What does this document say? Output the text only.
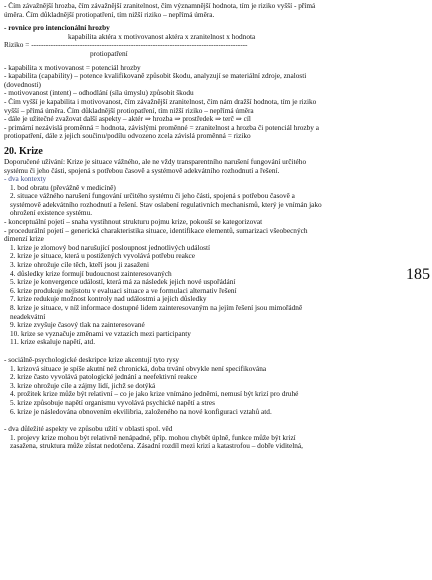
- Čím závažnější hrozba, čím závažnější zranitelnost, čím významnější hodnota, tím je riziko vyšší - přímá
úměra. Čím důkladnější protiopatření, tím nižší riziko – nepřímá úměra.
- rovnice pro intencionální hrozby
kapabilita aktéra x motivovanost aktéra x zranitelnost x hodnota
Riziko = -----------------------------------------------------------------------------------------
protiopatření
- kapabilita x motivovanost = potenciál hrozby
- kapabilita (capability) – potence kvalifikovaně způsobit škodu, analyzují se materiální zdroje, znalosti
(dovednosti)
- motivovanost (intent) – odhodlání (síla úmyslu) způsobit škodu
- Čím vyšší je kapabilita i motivovanost, čím závažnější zranitelnost, čím nám dražší hodnota, tím je riziko
vyšší – přímá úměra. Čím důkladnější protiopatření, tím nižší riziko – nepřímá úměra
- dále je užitečné zvažovat další aspekty – aktér ⇒ hrozba ⇒ prostředek ⇒ terč ⇒ cíl
- primární nezávislá proměnná = hodnota, závislými proměnné = zranitelnost a hrozba či potenciál hrozby a
protiopatření, dále z jejich součinu/podílu odvozeno zcela závislá proměnná = riziko
20. Krize
Doporučené užívání: Krize je situace vážného, ale ne vždy transparentního narušení fungování určitého
systému či jeho části, spojená s potřebou časově a systémově adekvátního rozhodnutí a řešení.
- dva kontexty
1. bod obratu (převážně v medicíně)
2. situace vážného narušení fungování určitého systému či jeho části, spojená s potřebou časově a
systémově adekvátního rozhodnutí a řešení. Stav oslabení regulativních mechanismů, který je vnímán jako
ohrožení existence systému.
- konceptuální pojetí – snaha vystihnout strukturu pojmu krize, pokouší se kategorizovat
- procedurální pojetí – generická charakteristika situace, identifikace elementů, sumarizaci všeobecných
dimenzí krize
1. krize je zlomový bod narušující posloupnost jednotlivých událostí
2. krize je situace, která u postižených vyvolává potřebu reakce
3. krize ohrožuje cíle těch, kteří jsou ji zasaženi
4. důsledky krize formují budoucnost zainteresovaných
5. krize je konvergence událostí, která má za následek jejich nové uspořádání
6. krize produkuje nejistotu v evaluaci situace a ve formulaci alternativ řešení
7. krize redukuje možnost kontroly nad událostmi a jejich důsledky
8. krize je situace, v níž informace dostupné lidem zainteresovaným na jejím řešení jsou mimořádně
neadekvátní
9. krize zvyšuje časový tlak na zainteresované
10. krize se vyznačuje změnami ve vztazích mezi participanty
11. krize eskaluje napětí, atd.
- sociálně-psychologické deskripce krize akcentují tyto rysy
1. krizová situace je spíše akutní než chronická, doba trvání obvykle není specifikována
2. krize často vyvolává patologické jednání a neefektivní reakce
3. krize ohrožuje cíle a zájmy lidí, jichž se dotýká
4. prožitek krize může být relativní – co je jako krize vnímáno jedněmi, nemusí být krizí pro druhé
5. krize způsobuje napětí organismu vyvolává psychické napětí a stres
6. krize je následována obnovením ekvilibria, založeného na nové konfiguraci vztahů atd.
- dva důležité aspekty ve způsobu užití v oblasti spol. věd
1. projevy krize mohou být relativně nenápadné, příp. mohou chybět úplně, funkce může být krizí
zasažena, struktura může zůstat nedotčena. Zásadní rozdíl mezi krizí a katastrofou – dobře viditelná,
185
